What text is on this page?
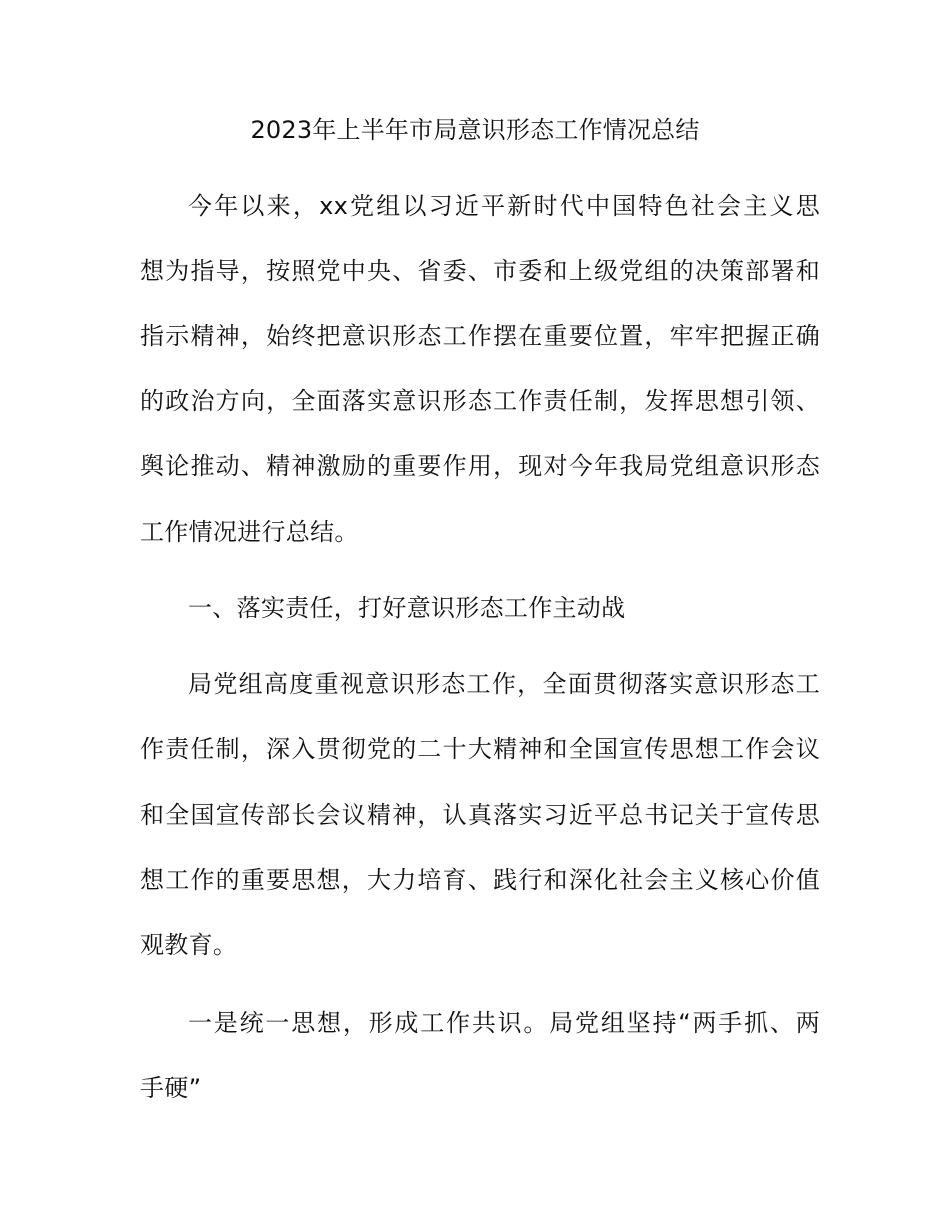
2023年上半年市局意识形态工作情况总结
今年以来，xx党组以习近平新时代中国特色社会主义思
想为指导，按照党中央、省委、市委和上级党组的决策部署和
指示精神，始终把意识形态工作摆在重要位置，牢牢把握正确
的政治方向，全面落实意识形态工作责任制，发挥思想引领、
舆论推动、精神激励的重要作用，现对今年我局党组意识形态
工作情况进行总结。
一、落实责任，打好意识形态工作主动战
局党组高度重视意识形态工作，全面贯彻落实意识形态工
作责任制，深入贯彻党的二十大精神和全国宣传思想工作会议
和全国宣传部长会议精神，认真落实习近平总书记关于宣传思
想工作的重要思想，大力培育、践行和深化社会主义核心价值
观教育。
一是统一思想，形成工作共识。局党组坚持“两手抓、两
手硬”
